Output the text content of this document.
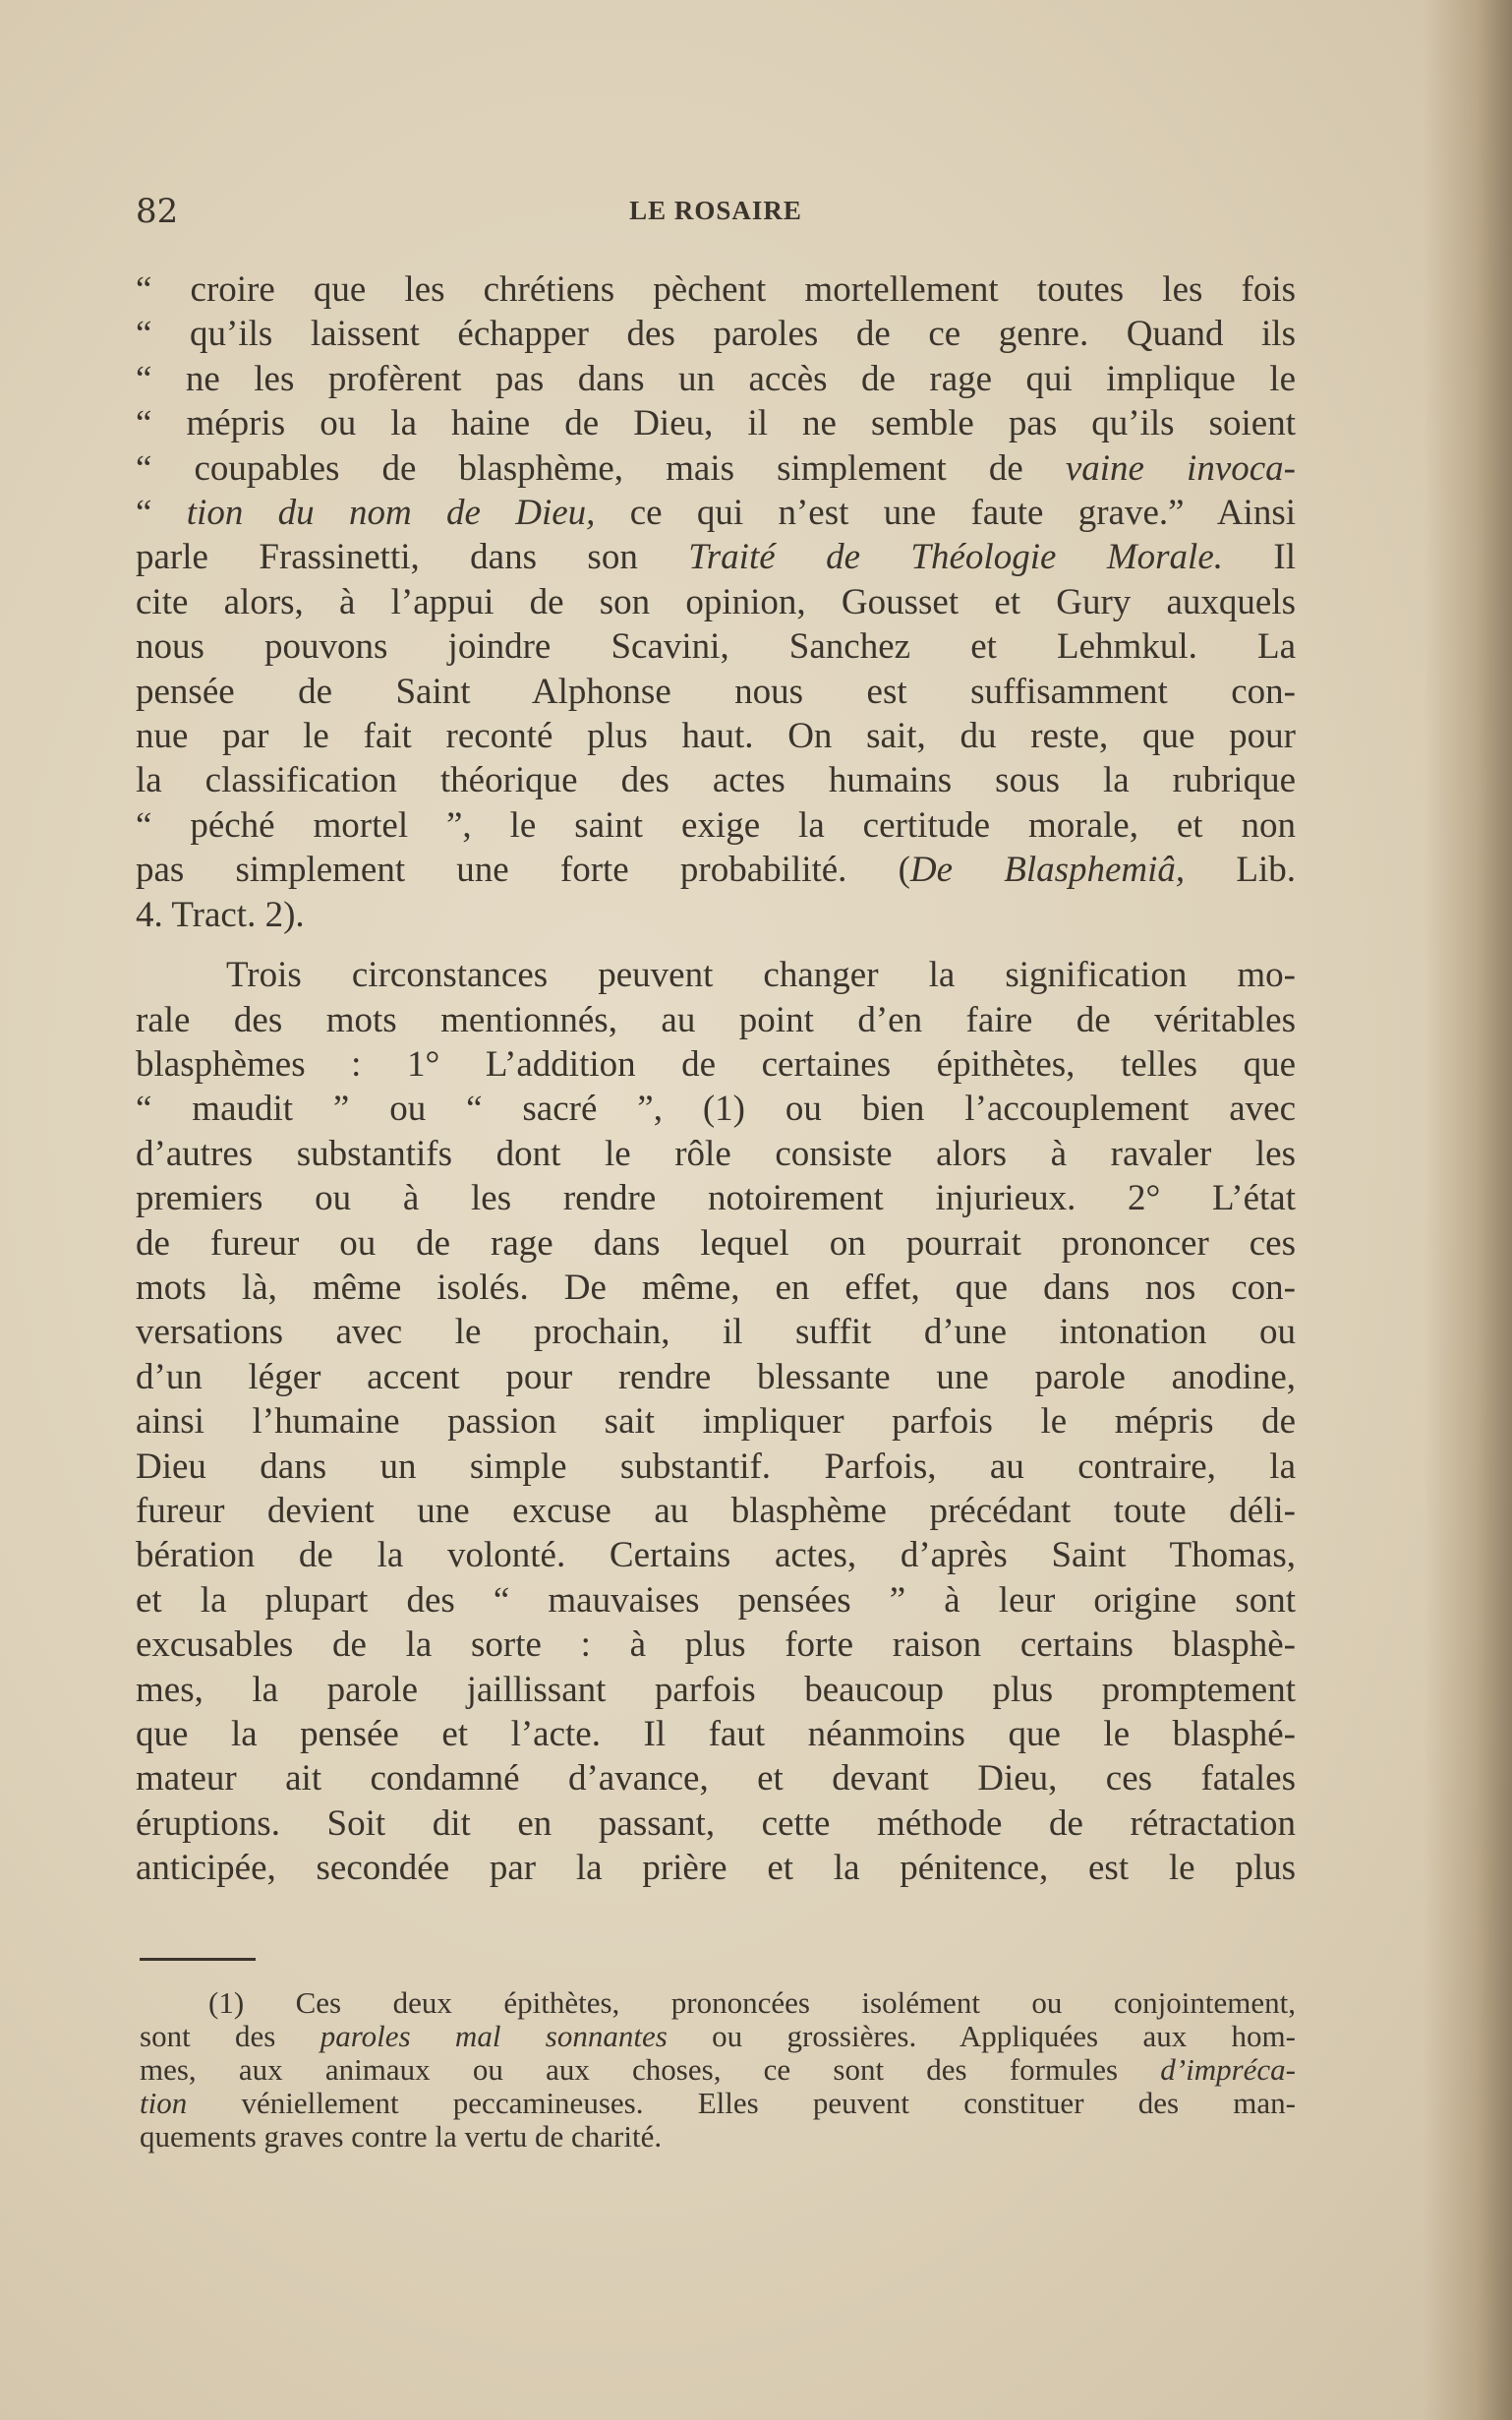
82	LE ROSAIRE

“ croire que les chrétiens pèchent mortellement toutes les fois
“ qu’ils laissent échapper des paroles de ce genre. Quand ils
“ ne les profèrent pas dans un accès de rage qui implique le
“ mépris ou la haine de Dieu, il ne semble pas qu’ils soient
“ coupables de blasphème, mais simplement de vaine invoca-
“ tion du nom de Dieu, ce qui n’est une faute grave.” Ainsi
parle Frassinetti, dans son Traité de Théologie Morale. Il
cite alors, à l’appui de son opinion, Gousset et Gury auxquels
nous pouvons joindre Scavini, Sanchez et Lehmkul. La
pensée de Saint Alphonse nous est suffisamment con-
nue par le fait reconté plus haut. On sait, du reste, que pour
la classification théorique des actes humains sous la rubrique
“ péché mortel ”, le saint exige la certitude morale, et non
pas simplement une forte probabilité. (De Blasphemiâ, Lib.
4. Tract. 2).

Trois circonstances peuvent changer la signification mo-
rale des mots mentionnés, au point d’en faire de véritables
blasphèmes : 1° L’addition de certaines épithètes, telles que
“ maudit ” ou “ sacré ”, (1) ou bien l’accouplement avec
d’autres substantifs dont le rôle consiste alors à ravaler les
premiers ou à les rendre notoirement injurieux. 2° L’état
de fureur ou de rage dans lequel on pourrait prononcer ces
mots là, même isolés. De même, en effet, que dans nos con-
versations avec le prochain, il suffit d’une intonation ou
d’un léger accent pour rendre blessante une parole anodine,
ainsi l’humaine passion sait impliquer parfois le mépris de
Dieu dans un simple substantif. Parfois, au contraire, la
fureur devient une excuse au blasphème précédant toute déli-
bération de la volonté. Certains actes, d’après Saint Thomas,
et la plupart des “ mauvaises pensées ” à leur origine sont
excusables de la sorte : à plus forte raison certains blasphè-
mes, la parole jaillissant parfois beaucoup plus promptement
que la pensée et l’acte. Il faut néanmoins que le blasphé-
mateur ait condamné d’avance, et devant Dieu, ces fatales
éruptions. Soit dit en passant, cette méthode de rétractation
anticipée, secondée par la prière et la pénitence, est le plus

(1) Ces deux épithètes, prononcées isolément ou conjointement,
sont des paroles mal sonnantes ou grossières. Appliquées aux hom-
mes, aux animaux ou aux choses, ce sont des formules d’impréca-
tion véniellement peccamineuses. Elles peuvent constituer des man-
quements graves contre la vertu de charité.
